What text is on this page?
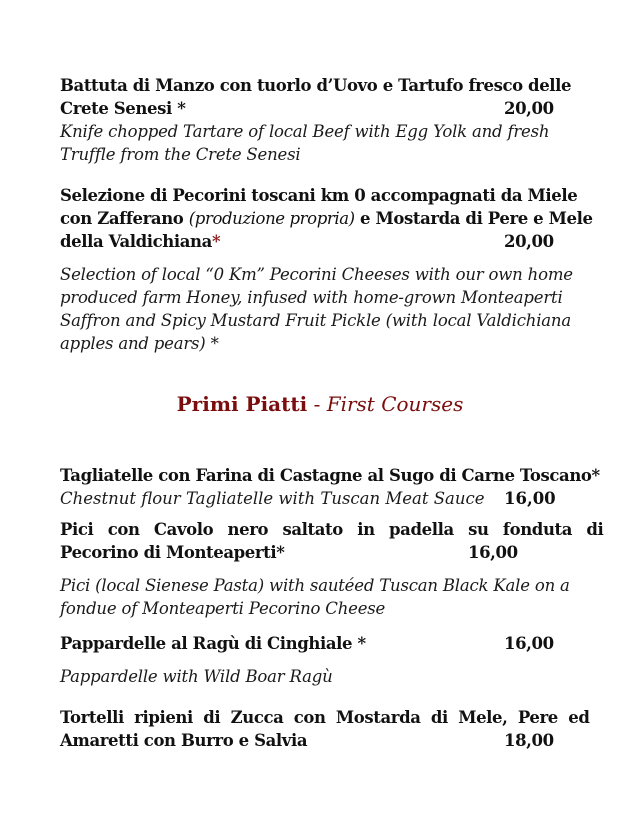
Battuta di Manzo con tuorlo d’Uovo e Tartufo fresco delle
Crete Senesi *	20,00
Knife chopped Tartare of local Beef with Egg Yolk and fresh
Truffle from the Crete Senesi
Selezione di Pecorini toscani km 0 accompagnati da Miele
con Zafferano (produzione propria) e Mostarda di Pere e Mele
della Valdichiana*	20,00
Selection of local “0 Km” Pecorini Cheeses with our own home
produced farm Honey, infused with home-grown Monteaperti
Saffron and Spicy Mustard Fruit Pickle (with local Valdichiana
apples and pears) *
Primi Piatti - First Courses
Tagliatelle con Farina di Castagne al Sugo di Carne Toscano*
Chestnut flour Tagliatelle with Tuscan Meat Sauce 16,00
Pici con Cavolo nero saltato in padella su fonduta di
Pecorino di Monteaperti*	16,00
Pici (local Sienese Pasta) with sautéed Tuscan Black Kale on a
fondue of Monteaperti Pecorino Cheese
Pappardelle al Ragù di Cinghiale *	16,00
Pappardelle with Wild Boar Ragù
Tortelli ripieni di Zucca con Mostarda di Mele, Pere ed
Amaretti con Burro e Salvia	18,00
